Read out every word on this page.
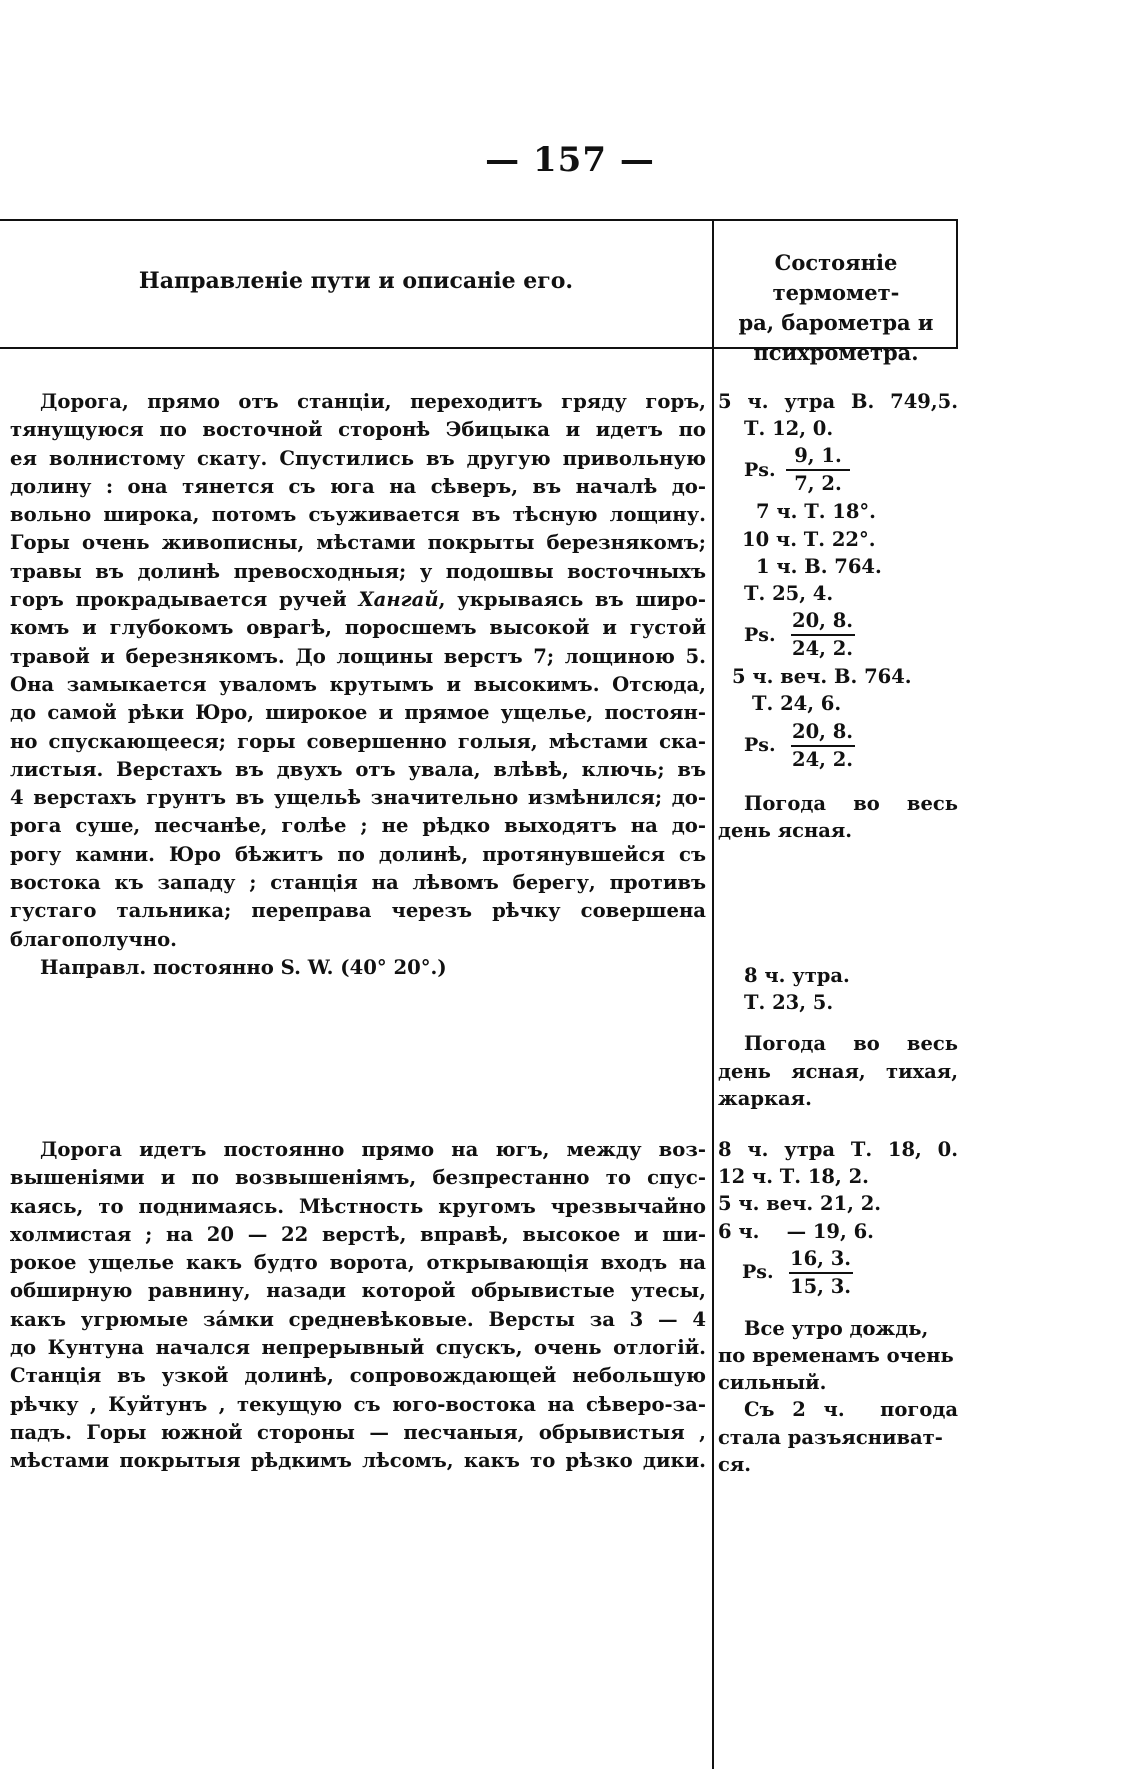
— 157 —
Направленіе пути и описаніе его.
Состояніе термомет-
ра, барометра и
психрометра.
Дорога, прямо отъ станціи, переходитъ гряду горъ,
тянущуюся по восточной сторонѣ Эбицыка и идетъ по
ея волнистому скату. Спустились въ другую привольную
долину : она тянется съ юга на сѣверъ, въ началѣ до-
вольно широка, потомъ съуживается въ тѣсную лощину.
Горы очень живописны, мѣстами покрыты березнякомъ;
травы въ долинѣ превосходныя; у подошвы восточныхъ
горъ прокрадывается ручей Хангай, укрываясь въ широ-
комъ и глубокомъ оврагѣ, поросшемъ высокой и густой
травой и березнякомъ. До лощины верстъ 7; лощиною 5.
Она замыкается уваломъ крутымъ и высокимъ. Отсюда,
до самой рѣки Юро, широкое и прямое ущелье, постоян-
но спускающееся; горы совершенно голыя, мѣстами ска-
листыя. Верстахъ въ двухъ отъ увала, влѣвѣ, ключь; въ
4 верстахъ грунтъ въ ущельѣ значительно измѣнился; до-
рога суше, песчанѣе, голѣе ; не рѣдко выходятъ на до-
рогу камни. Юро бѣжитъ по долинѣ, протянувшейся съ
востока къ западу ; станція на лѣвомъ берегу, противъ
густаго тальника; переправа черезъ рѣчку совершена
благополучно.
Направл. постоянно S. W. (40° 20°.)
Дорога идетъ постоянно прямо на югъ, между воз-
вышеніями и по возвышеніямъ, безпрестанно то спус-
каясь, то поднимаясь. Мѣстность кругомъ чрезвычайно
холмистая ; на 20 — 22 верстѣ, вправѣ, высокое и ши-
рокое ущелье какъ будто ворота, открывающія входъ на
обширную равнину, назади которой обрывистые утесы,
какъ угрюмые зáмки средневѣковые. Версты за 3 — 4
до Кунтуна начался непрерывный спускъ, очень отлогій.
Станція въ узкой долинѣ, сопровождающей небольшую
рѣчку , Куйтунъ , текущую съ юго-востока на сѣверо-за-
падъ. Горы южной стороны — песчаныя, обрывистыя ,
мѣстами покрытыя рѣдкимъ лѣсомъ, какъ то рѣзко дики.
5 ч. утра В. 749,5.
Т. 12, 0.
Ps. $\frac{9, 1.}{7, 2.}$
7 ч. Т. 18°.
10 ч. Т. 22°.
1 ч. В. 764.
Т. 25, 4.
Ps. $\frac{20, 8.}{24, 2.}$
5 ч. веч. В. 764.
Т. 24, 6.
Ps. $\frac{20, 8.}{24, 2.}$
Погода во весь
день ясная.
8 ч. утра.
Т. 23, 5.
Погода во весь
день ясная, тихая,
жаркая.
8 ч. утра Т. 18, 0.
12 ч. Т. 18, 2.
5 ч. веч. 21, 2.
6 ч.    — 19, 6.
Ps. $\frac{16, 3.}{15, 3.}$
Все утро дождь,
по временамъ очень
сильный.
Съ 2 ч.  погода
стала разъясниват-
ся.
